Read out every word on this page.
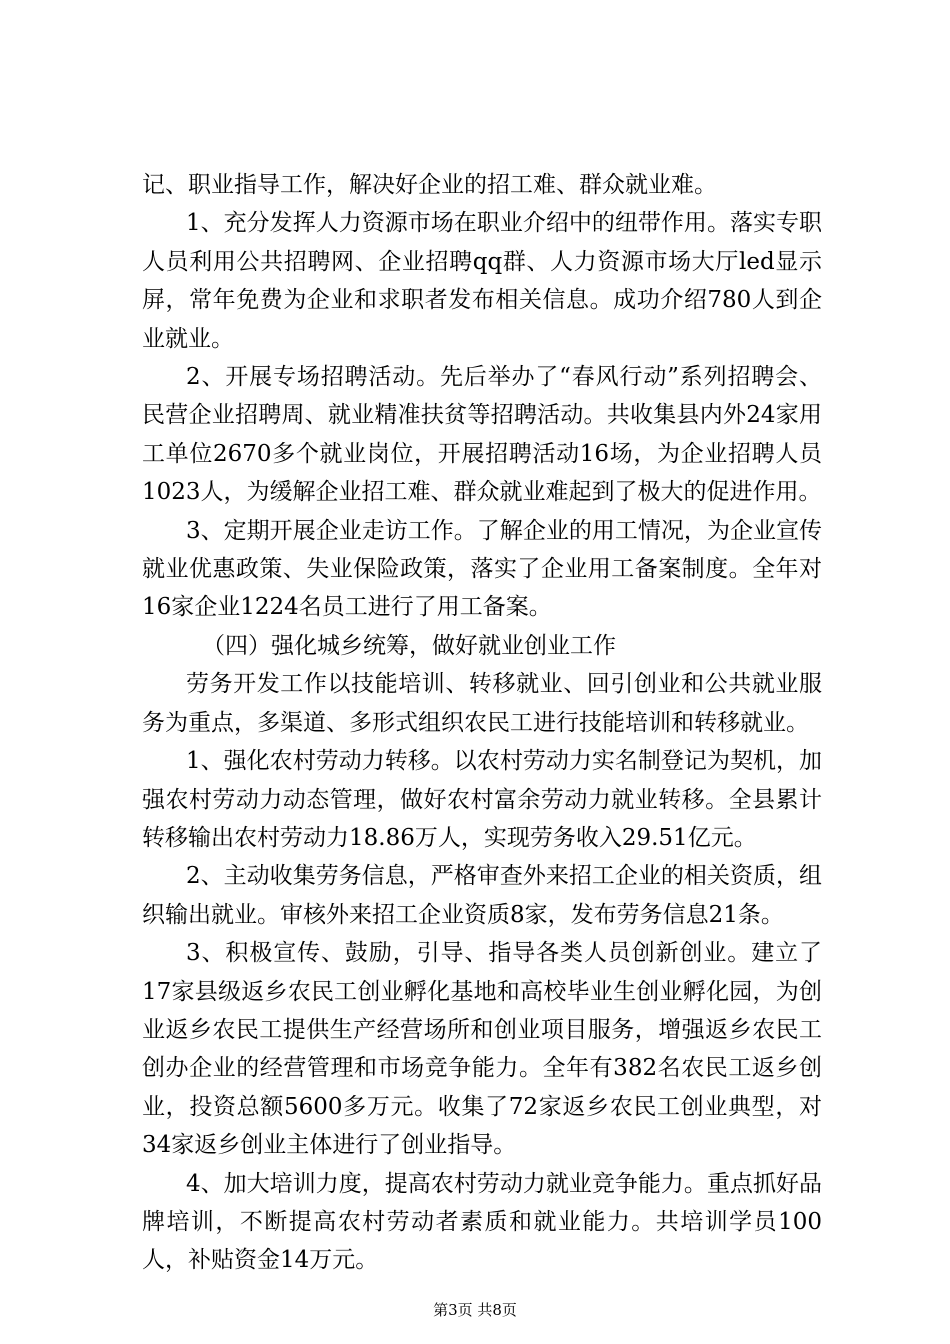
记、职业指导工作，解决好企业的招工难、群众就业难。

1、充分发挥人力资源市场在职业介绍中的纽带作用。落实专职人员利用公共招聘网、企业招聘qq群、人力资源市场大厅led显示屏，常年免费为企业和求职者发布相关信息。成功介绍780人到企业就业。

2、开展专场招聘活动。先后举办了“春风行动”系列招聘会、民营企业招聘周、就业精准扶贫等招聘活动。共收集县内外24家用工单位2670多个就业岗位，开展招聘活动16场，为企业招聘人员1023人，为缓解企业招工难、群众就业难起到了极大的促进作用。

3、定期开展企业走访工作。了解企业的用工情况，为企业宣传就业优惠政策、失业保险政策，落实了企业用工备案制度。全年对16家企业1224名员工进行了用工备案。

（四）强化城乡统筹，做好就业创业工作

劳务开发工作以技能培训、转移就业、回引创业和公共就业服务为重点，多渠道、多形式组织农民工进行技能培训和转移就业。

1、强化农村劳动力转移。以农村劳动力实名制登记为契机，加强农村劳动力动态管理，做好农村富余劳动力就业转移。全县累计转移输出农村劳动力18.86万人，实现劳务收入29.51亿元。

2、主动收集劳务信息，严格审查外来招工企业的相关资质，组织输出就业。审核外来招工企业资质8家，发布劳务信息21条。

3、积极宣传、鼓励，引导、指导各类人员创新创业。建立了17家县级返乡农民工创业孵化基地和高校毕业生创业孵化园，为创业返乡农民工提供生产经营场所和创业项目服务，增强返乡农民工创办企业的经营管理和市场竞争能力。全年有382名农民工返乡创业，投资总额5600多万元。收集了72家返乡农民工创业典型，对34家返乡创业主体进行了创业指导。

4、加大培训力度，提高农村劳动力就业竞争能力。重点抓好品牌培训，不断提高农村劳动者素质和就业能力。共培训学员100人，补贴资金14万元。

第3页 共8页
